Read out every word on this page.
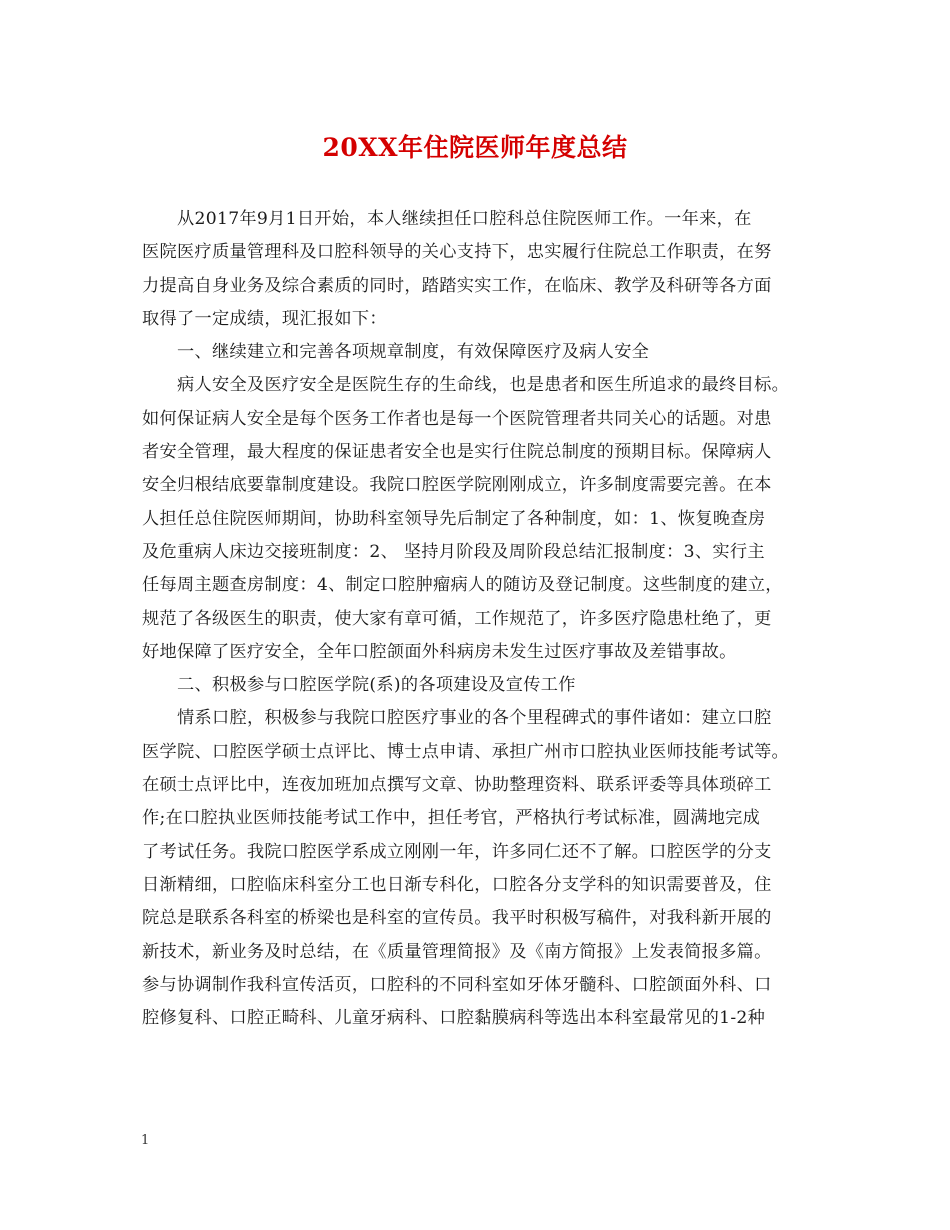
20XX年住院医师年度总结
从2017年9月1日开始，本人继续担任口腔科总住院医师工作。一年来，在
医院医疗质量管理科及口腔科领导的关心支持下，忠实履行住院总工作职责，在努
力提高自身业务及综合素质的同时，踏踏实实工作，在临床、教学及科研等各方面
取得了一定成绩，现汇报如下：
一、继续建立和完善各项规章制度，有效保障医疗及病人安全
病人安全及医疗安全是医院生存的生命线，也是患者和医生所追求的最终目标。
如何保证病人安全是每个医务工作者也是每一个医院管理者共同关心的话题。对患
者安全管理，最大程度的保证患者安全也是实行住院总制度的预期目标。保障病人
安全归根结底要靠制度建设。我院口腔医学院刚刚成立，许多制度需要完善。在本
人担任总住院医师期间，协助科室领导先后制定了各种制度，如：1、恢复晚查房
及危重病人床边交接班制度：2、 坚持月阶段及周阶段总结汇报制度：3、实行主
任每周主题查房制度：4、制定口腔肿瘤病人的随访及登记制度。这些制度的建立，
规范了各级医生的职责，使大家有章可循，工作规范了，许多医疗隐患杜绝了，更
好地保障了医疗安全，全年口腔颌面外科病房未发生过医疗事故及差错事故。
二、积极参与口腔医学院(系)的各项建设及宣传工作
情系口腔，积极参与我院口腔医疗事业的各个里程碑式的事件诸如：建立口腔
医学院、口腔医学硕士点评比、博士点申请、承担广州市口腔执业医师技能考试等。
在硕士点评比中，连夜加班加点撰写文章、协助整理资料、联系评委等具体琐碎工
作;在口腔执业医师技能考试工作中，担任考官，严格执行考试标准，圆满地完成
了考试任务。我院口腔医学系成立刚刚一年，许多同仁还不了解。口腔医学的分支
日渐精细，口腔临床科室分工也日渐专科化，口腔各分支学科的知识需要普及，住
院总是联系各科室的桥梁也是科室的宣传员。我平时积极写稿件，对我科新开展的
新技术，新业务及时总结，在《质量管理简报》及《南方简报》上发表简报多篇。
参与协调制作我科宣传活页，口腔科的不同科室如牙体牙髓科、口腔颌面外科、口
腔修复科、口腔正畸科、儿童牙病科、口腔黏膜病科等选出本科室最常见的1-2种
1
